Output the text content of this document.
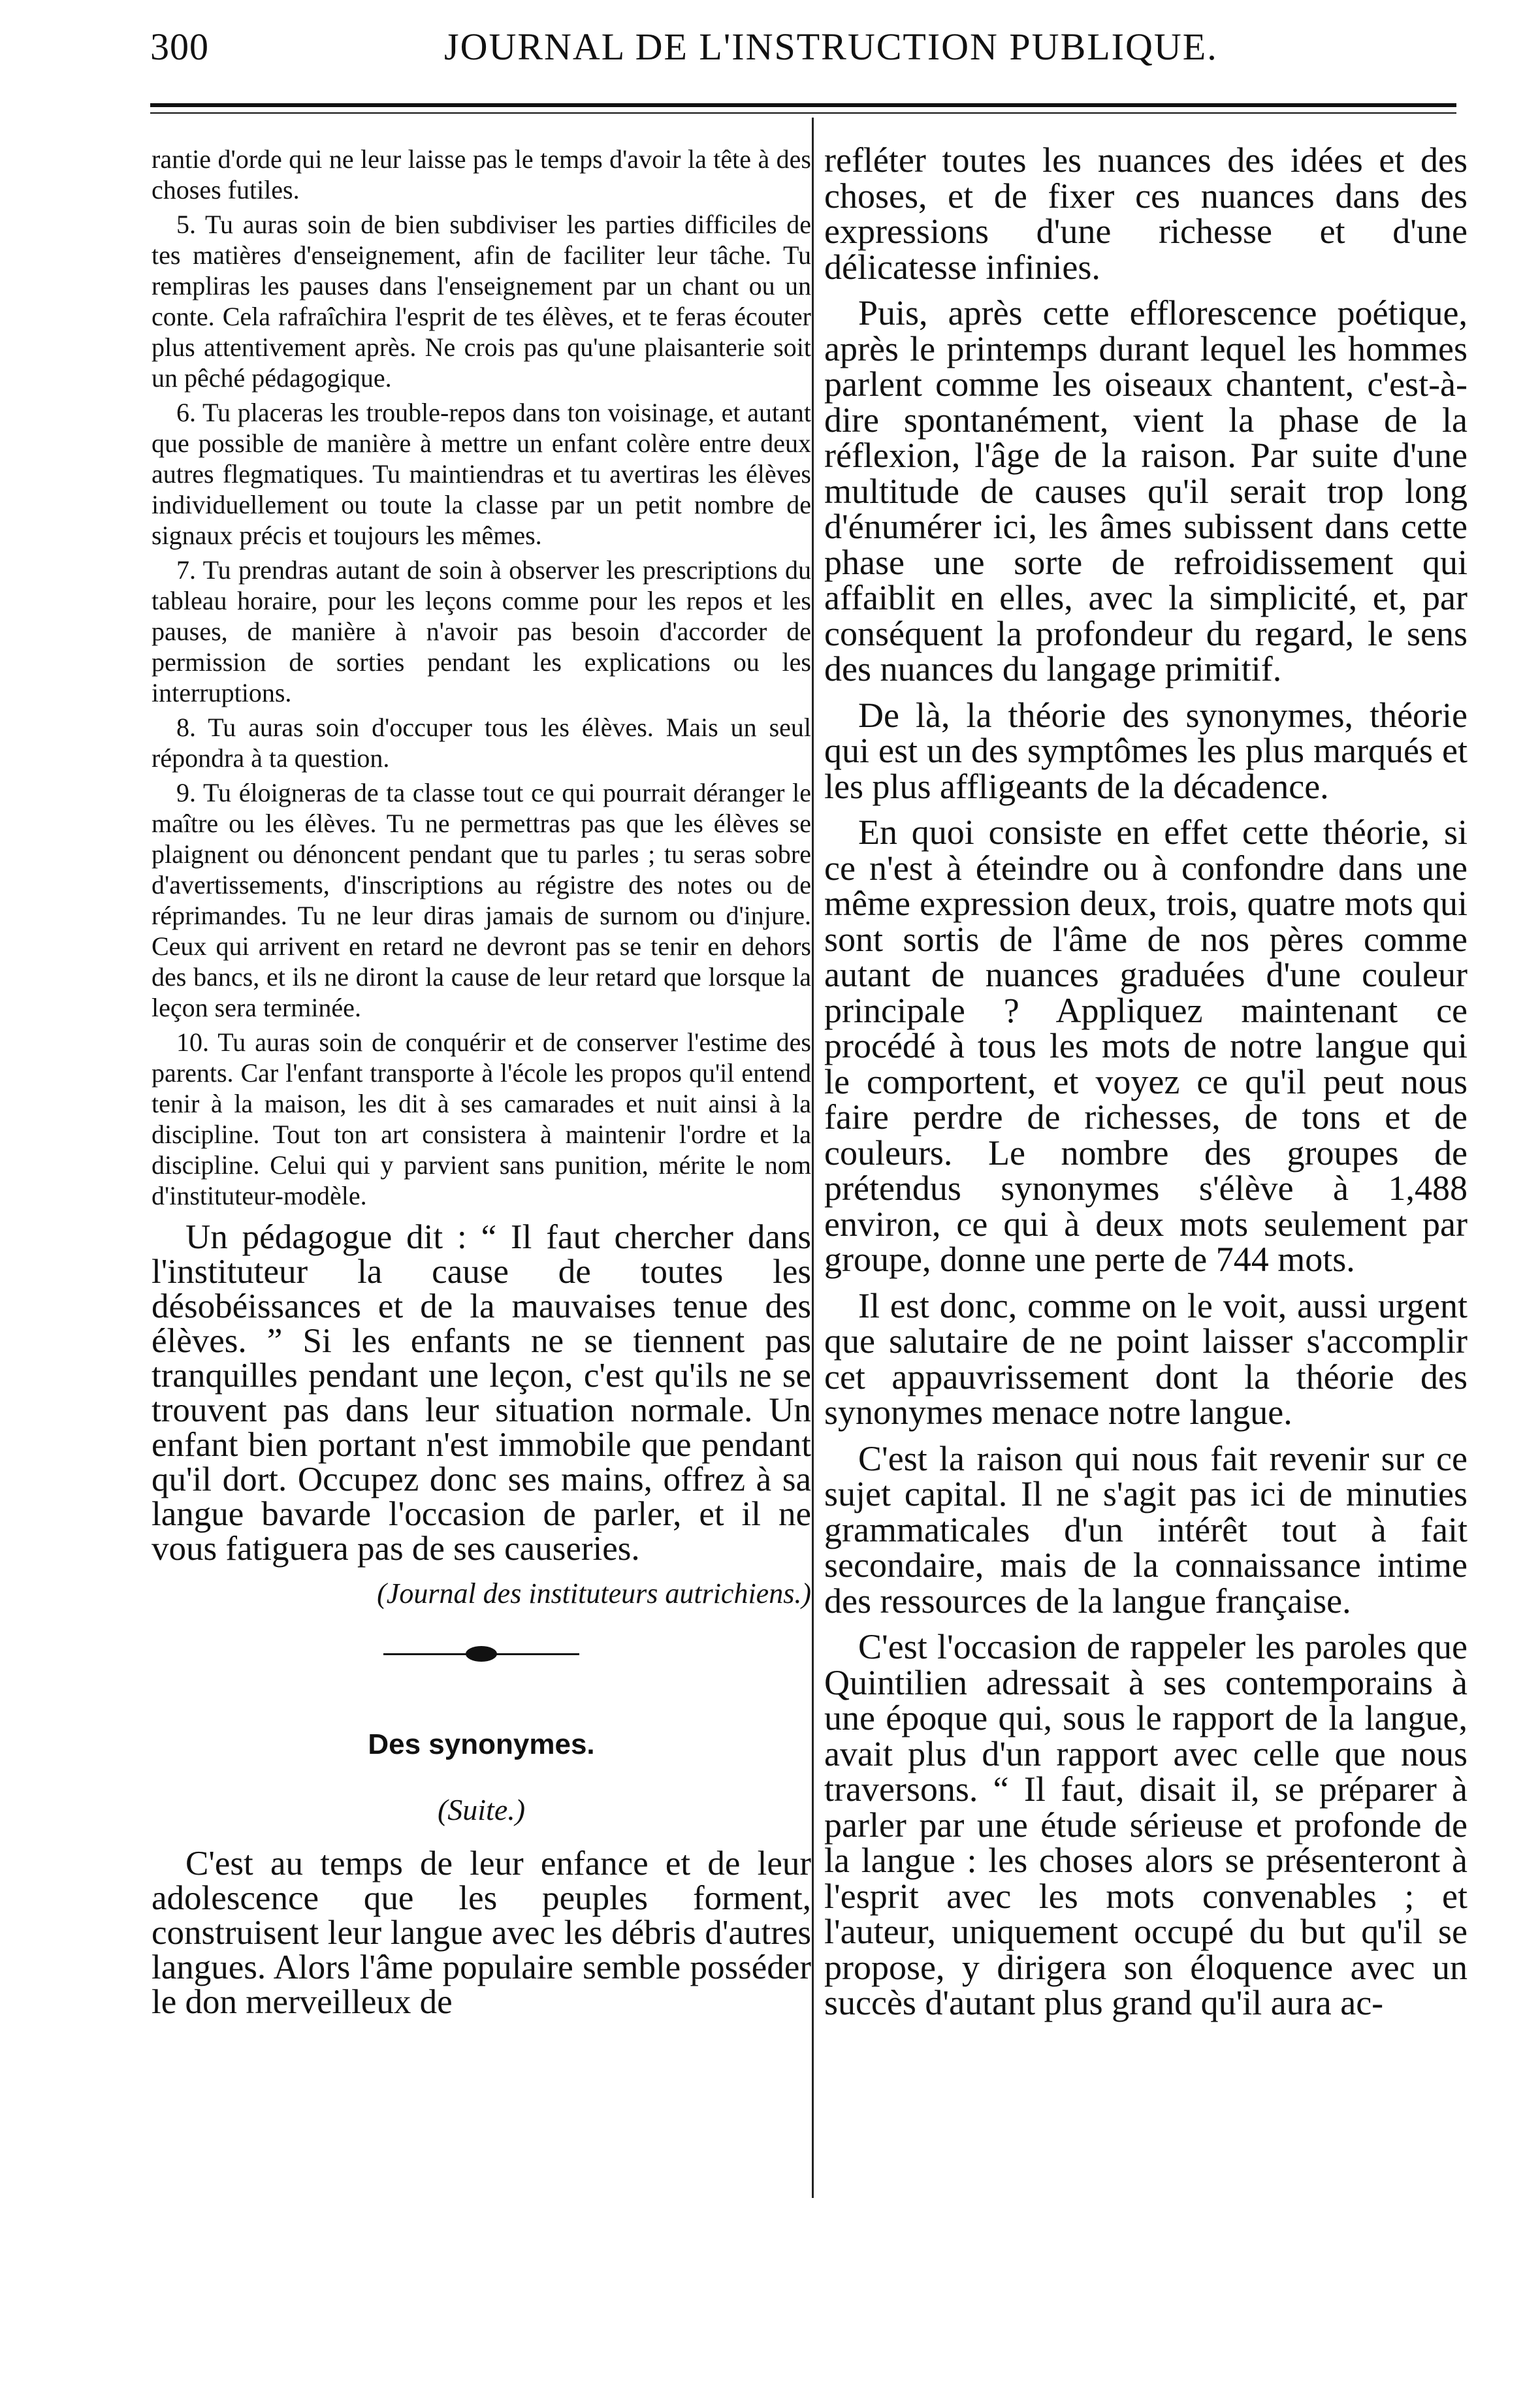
300	JOURNAL DE L'INSTRUCTION PUBLIQUE.

rantie d'orde qui ne leur laisse pas le temps d'avoir la tête à des choses futiles.

5. Tu auras soin de bien subdiviser les parties difficiles de tes matières d'enseignement, afin de faciliter leur tâche. Tu rempliras les pauses dans l'enseignement par un chant ou un conte. Cela rafraîchira l'esprit de tes élèves, et te feras écouter plus attentivement après. Ne crois pas qu'une plaisanterie soit un pêché pédagogique.

6. Tu placeras les trouble-repos dans ton voisinage, et autant que possible de manière à mettre un enfant colère entre deux autres flegmatiques. Tu maintiendras et tu avertiras les élèves individuellement ou toute la classe par un petit nombre de signaux précis et toujours les mêmes.

7. Tu prendras autant de soin à observer les prescriptions du tableau horaire, pour les leçons comme pour les repos et les pauses, de manière à n'avoir pas besoin d'accorder de permission de sorties pendant les explications ou les interruptions.

8. Tu auras soin d'occuper tous les élèves. Mais un seul répondra à ta question.

9. Tu éloigneras de ta classe tout ce qui pourrait déranger le maître ou les élèves. Tu ne permettras pas que les élèves se plaignent ou dénoncent pendant que tu parles ; tu seras sobre d'avertissements, d'inscriptions au régistre des notes ou de réprimandes. Tu ne leur diras jamais de surnom ou d'injure. Ceux qui arrivent en retard ne devront pas se tenir en dehors des bancs, et ils ne diront la cause de leur retard que lorsque la leçon sera terminée.

10. Tu auras soin de conquérir et de conserver l'estime des parents. Car l'enfant transporte à l'école les propos qu'il entend tenir à la maison, les dit à ses camarades et nuit ainsi à la discipline. Tout ton art consistera à maintenir l'ordre et la discipline. Celui qui y parvient sans punition, mérite le nom d'instituteur-modèle.

Un pédagogue dit : “ Il faut chercher dans l'instituteur la cause de toutes les désobéissances et de la mauvaises tenue des élèves. ” Si les enfants ne se tiennent pas tranquilles pendant une leçon, c'est qu'ils ne se trouvent pas dans leur situation normale. Un enfant bien portant n'est immobile que pendant qu'il dort. Occupez donc ses mains, offrez à sa langue bavarde l'occasion de parler, et il ne vous fatiguera pas de ses causeries.

(Journal des instituteurs autrichiens.)
Des synonymes.
(Suite.)

C'est au temps de leur enfance et de leur adolescence que les peuples forment, construisent leur langue avec les débris d'autres langues. Alors l'âme populaire semble posséder le don merveilleux de

refléter toutes les nuances des idées et des choses, et de fixer ces nuances dans des expressions d'une richesse et d'une délicatesse infinies.

Puis, après cette efflorescence poétique, après le printemps durant lequel les hommes parlent comme les oiseaux chantent, c'est-à-dire spontanément, vient la phase de la réflexion, l'âge de la raison. Par suite d'une multitude de causes qu'il serait trop long d'énumérer ici, les âmes subissent dans cette phase une sorte de refroidissement qui affaiblit en elles, avec la simplicité, et, par conséquent la profondeur du regard, le sens des nuances du langage primitif.

De là, la théorie des synonymes, théorie qui est un des symptômes les plus marqués et les plus affligeants de la décadence.

En quoi consiste en effet cette théorie, si ce n'est à éteindre ou à confondre dans une même expression deux, trois, quatre mots qui sont sortis de l'âme de nos pères comme autant de nuances graduées d'une couleur principale ? Appliquez maintenant ce procédé à tous les mots de notre langue qui le comportent, et voyez ce qu'il peut nous faire perdre de richesses, de tons et de couleurs. Le nombre des groupes de prétendus synonymes s'élève à 1,488 environ, ce qui à deux mots seulement par groupe, donne une perte de 744 mots.

Il est donc, comme on le voit, aussi urgent que salutaire de ne point laisser s'accomplir cet appauvrissement dont la théorie des synonymes menace notre langue.

C'est la raison qui nous fait revenir sur ce sujet capital. Il ne s'agit pas ici de minuties grammaticales d'un intérêt tout à fait secondaire, mais de la connaissance intime des ressources de la langue française.

C'est l'occasion de rappeler les paroles que Quintilien adressait à ses contemporains à une époque qui, sous le rapport de la langue, avait plus d'un rapport avec celle que nous traversons. “ Il faut, disait il, se préparer à parler par une étude sérieuse et profonde de la langue : les choses alors se présenteront à l'esprit avec les mots convenables ; et l'auteur, uniquement occupé du but qu'il se propose, y dirigera son éloquence avec un succès d'autant plus grand qu'il aura ac-
